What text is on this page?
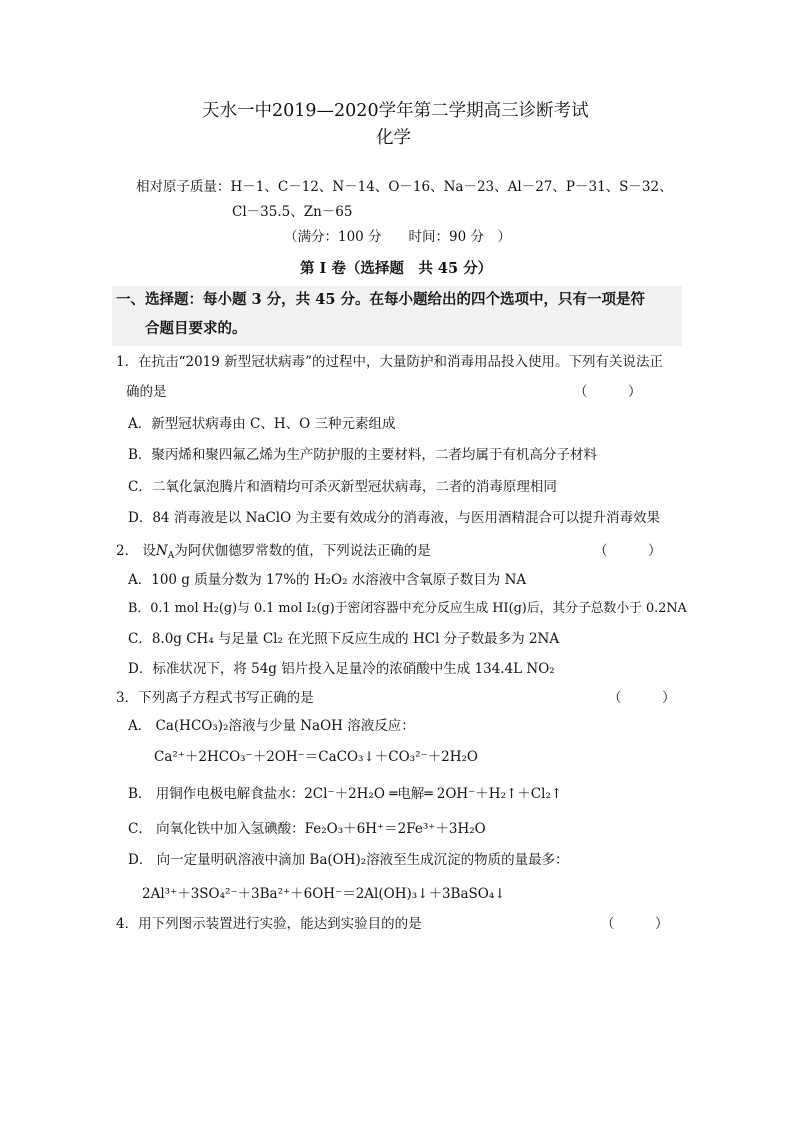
天水一中2019—2020学年第二学期高三诊断考试
化学
相对原子质量：H－1、C－12、N－14、O－16、Na－23、Al－27、P－31、S－32、
Cl－35.5、Zn－65
（满分：100 分　　时间：90 分　）
第 I 卷（选择题　共 45 分）
一、选择题：每小题 3 分，共 45 分。在每小题给出的四个选项中，只有一项是符
合题目要求的。
1．在抗击“2019 新型冠状病毒”的过程中，大量防护和消毒用品投入使用。下列有关说法正
确的是	（　　　）
A．新型冠状病毒由 C、H、O 三种元素组成
B．聚丙烯和聚四氟乙烯为生产防护服的主要材料，二者均属于有机高分子材料
C．二氧化氯泡腾片和酒精均可杀灭新型冠状病毒，二者的消毒原理相同
D．84 消毒液是以 NaClO 为主要有效成分的消毒液，与医用酒精混合可以提升消毒效果
2． 设$N_A$为阿伏伽德罗常数的值，下列说法正确的是	（　　　）
A．100 g 质量分数为 17%的 H₂O₂ 水溶液中含氧原子数目为 NA
B．0.1 mol H₂(g)与 0.1 mol I₂(g)于密闭容器中充分反应生成 HI(g)后，其分子总数小于 0.2NA
C．8.0g CH₄ 与足量 Cl₂ 在光照下反应生成的 HCl 分子数最多为 2NA
D．标准状况下，将 54g 铝片投入足量冷的浓硝酸中生成 134.4L NO₂
3．下列离子方程式书写正确的是	（　　　）
A． Ca(HCO₃)₂溶液与少量 NaOH 溶液反应：
Ca²⁺＋2HCO₃⁻＋2OH⁻＝CaCO₃↓＋CO₃²⁻＋2H₂O
B． 用铜作电极电解食盐水：2Cl⁻＋2H₂O ═电解═ 2OH⁻＋H₂↑＋Cl₂↑
C． 向氧化铁中加入氢碘酸：Fe₂O₃＋6H⁺＝2Fe³⁺＋3H₂O
D． 向一定量明矾溶液中滴加 Ba(OH)₂溶液至生成沉淀的物质的量最多：
2Al³⁺＋3SO₄²⁻＋3Ba²⁺＋6OH⁻＝2Al(OH)₃↓＋3BaSO₄↓
4．用下列图示装置进行实验，能达到实验目的的是	（　　　）
